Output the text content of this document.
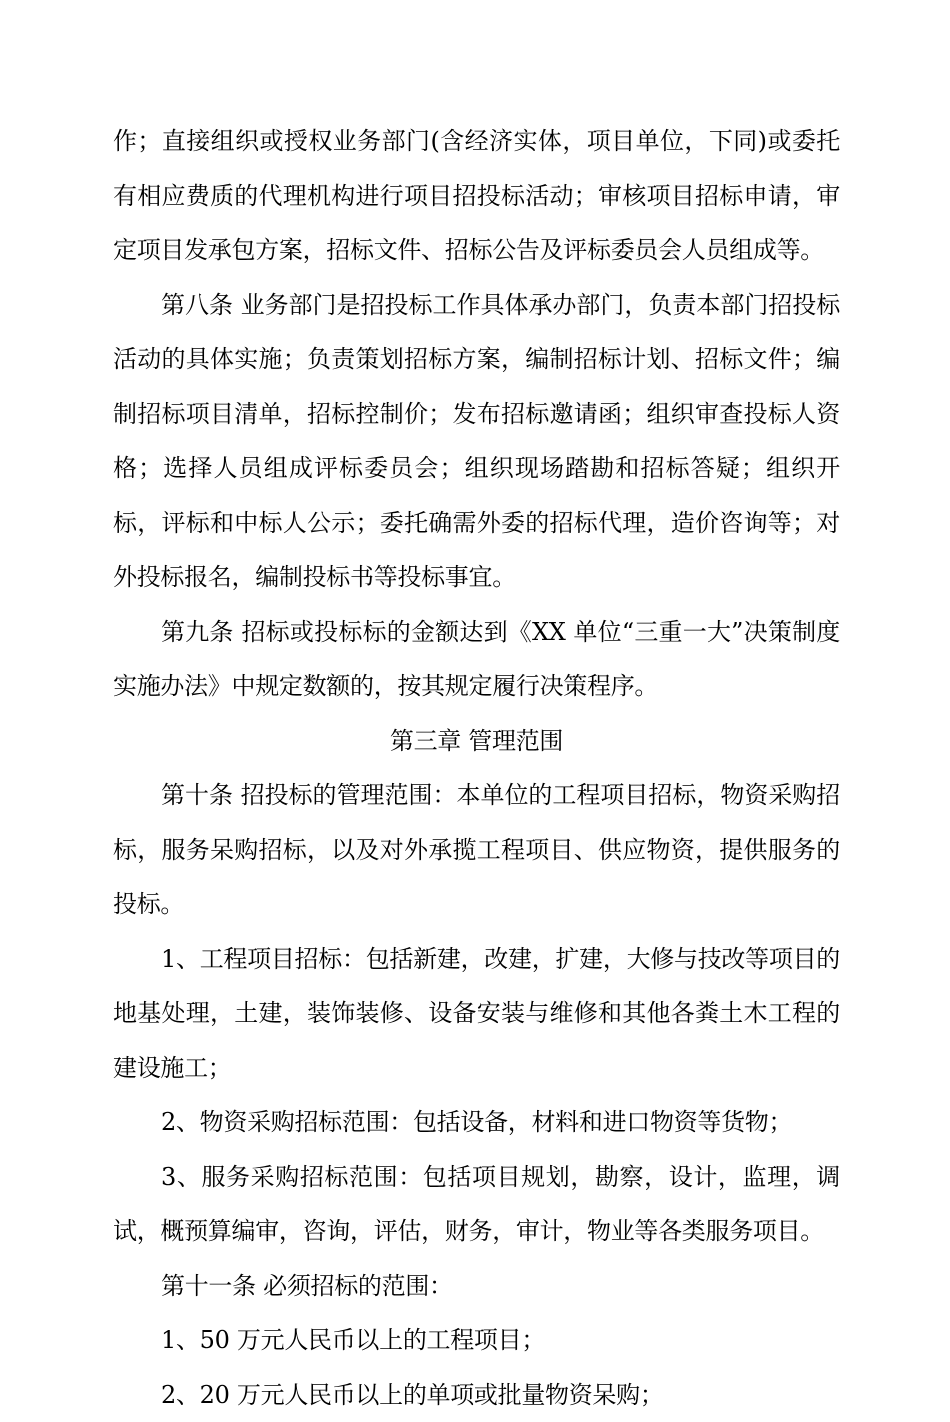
作；直接组织或授权业务部门(含经济实体，项目单位，下同)或委托有相应费质的代理机构进行项目招投标活动；审核项目招标申请，审定项目发承包方案，招标文件、招标公告及评标委员会人员组成等。

第八条 业务部门是招投标工作具体承办部门，负责本部门招投标活动的具体实施；负责策划招标方案，编制招标计划、招标文件；编制招标项目清单，招标控制价；发布招标邀请函；组织审查投标人资格；选择人员组成评标委员会；组织现场踏勘和招标答疑；组织开标，评标和中标人公示；委托确需外委的招标代理，造价咨询等；对外投标报名，编制投标书等投标事宜。

第九条 招标或投标标的金额达到《XX 单位“三重一大”决策制度实施办法》中规定数额的，按其规定履行决策程序。

第三章 管理范围

第十条 招投标的管理范围：本单位的工程项目招标，物资采购招标，服务呆购招标，以及对外承揽工程项目、供应物资，提供服务的投标。

1、工程项目招标：包括新建，改建，扩建，大修与技改等项目的地基处理，土建，装饰装修、设备安装与维修和其他各粪土木工程的建设施工；

2、物资采购招标范围：包括设备，材料和进口物资等货物；

3、服务采购招标范围：包括项目规划，勘察，设计，监理，调试，概预算编审，咨询，评估，财务，审计，物业等各类服务项目。

第十一条 必须招标的范围：

1、50 万元人民币以上的工程项目；

2、20 万元人民币以上的单项或批量物资呆购；
